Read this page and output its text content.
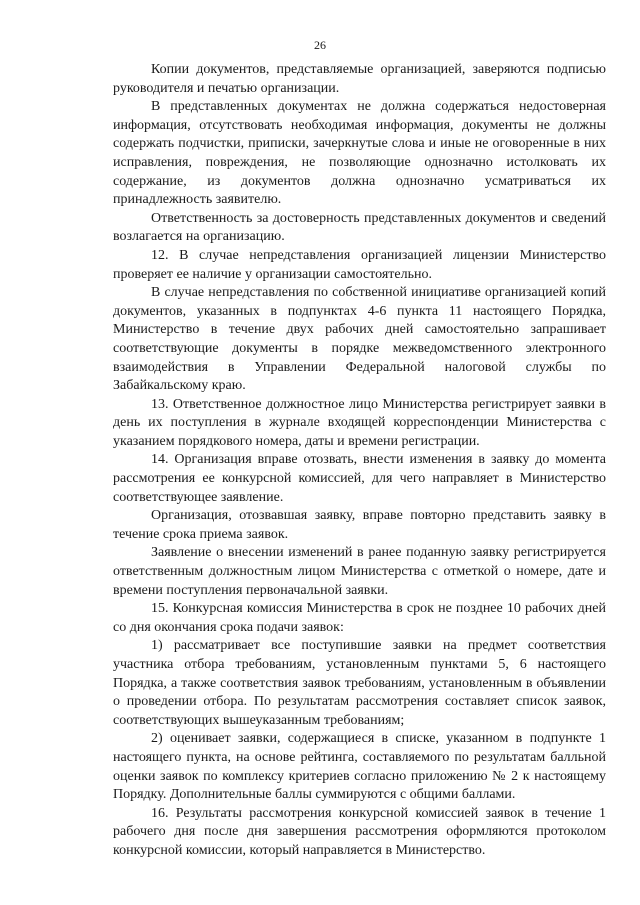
26

Копии документов, представляемые организацией, заверяются подписью руководителя и печатью организации.

В представленных документах не должна содержаться недостоверная информация, отсутствовать необходимая информация, документы не должны содержать подчистки, приписки, зачеркнутые слова и иные не оговоренные в них исправления, повреждения, не позволяющие однозначно истолковать их содержание, из документов должна однозначно усматриваться их принадлежность заявителю.

Ответственность за достоверность представленных документов и сведений возлагается на организацию.

12. В случае непредставления организацией лицензии Министерство проверяет ее наличие у организации самостоятельно.

В случае непредставления по собственной инициативе организацией копий документов, указанных в подпунктах 4-6 пункта 11 настоящего Порядка, Министерство в течение двух рабочих дней самостоятельно запрашивает соответствующие документы в порядке межведомственного электронного взаимодействия в Управлении Федеральной налоговой службы по Забайкальскому краю.

13. Ответственное должностное лицо Министерства регистрирует заявки в день их поступления в журнале входящей корреспонденции Министерства с указанием порядкового номера, даты и времени регистрации.

14. Организация вправе отозвать, внести изменения в заявку до момента рассмотрения ее конкурсной комиссией, для чего направляет в Министерство соответствующее заявление.

Организация, отозвавшая заявку, вправе повторно представить заявку в течение срока приема заявок.

Заявление о внесении изменений в ранее поданную заявку регистрируется ответственным должностным лицом Министерства с отметкой о номере, дате и времени поступления первоначальной заявки.

15. Конкурсная комиссия Министерства в срок не позднее 10 рабочих дней со дня окончания срока подачи заявок:

1) рассматривает все поступившие заявки на предмет соответствия участника отбора требованиям, установленным пунктами 5, 6 настоящего Порядка, а также соответствия заявок требованиям, установленным в объявлении о проведении отбора. По результатам рассмотрения составляет список заявок, соответствующих вышеуказанным требованиям;

2) оценивает заявки, содержащиеся в списке, указанном в подпункте 1 настоящего пункта, на основе рейтинга, составляемого по результатам балльной оценки заявок по комплексу критериев согласно приложению № 2 к настоящему Порядку. Дополнительные баллы суммируются с общими баллами.

16. Результаты рассмотрения конкурсной комиссией заявок в течение 1 рабочего дня после дня завершения рассмотрения оформляются протоколом конкурсной комиссии, который направляется в Министерство.
